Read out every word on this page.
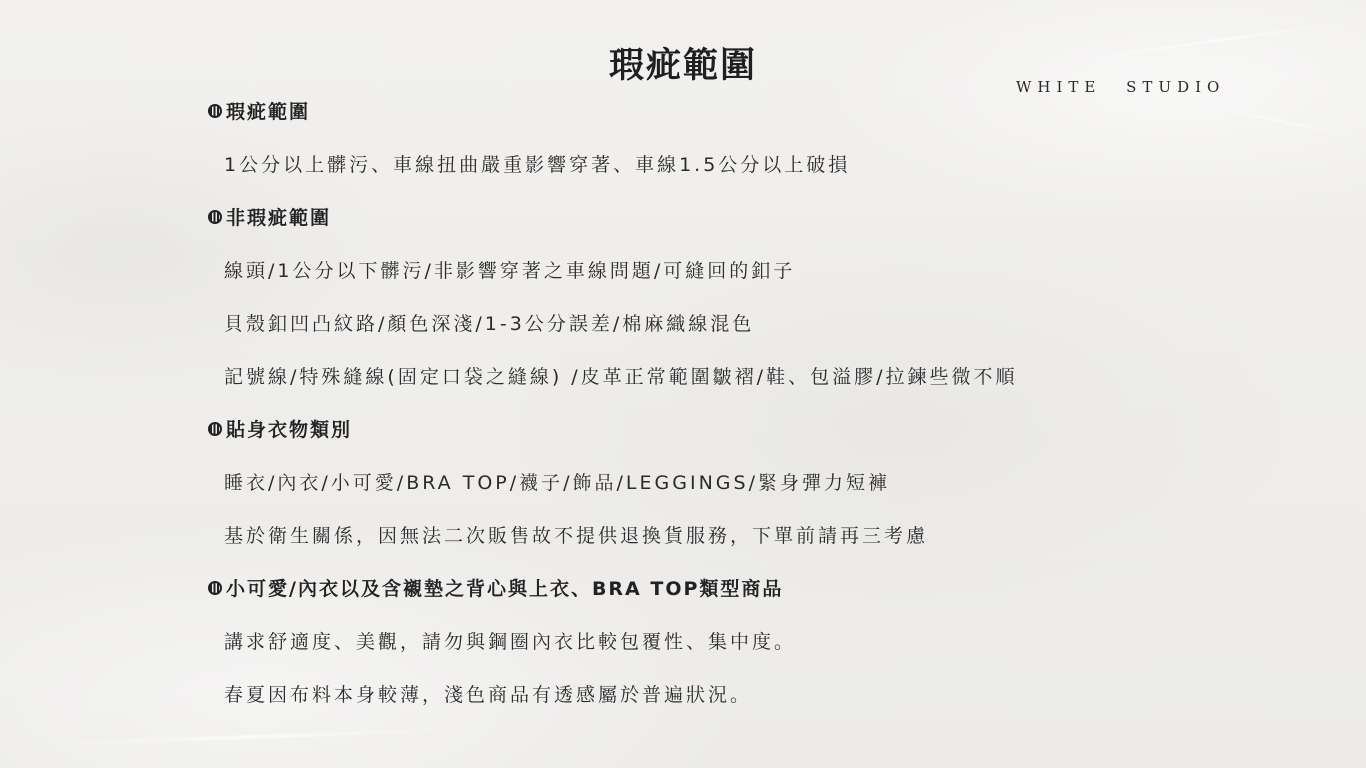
瑕疵範圍
WHITE STUDIO
瑕疵範圍
1公分以上髒污、車線扭曲嚴重影響穿著、車線1.5公分以上破損
非瑕疵範圍
線頭/1公分以下髒污/非影響穿著之車線問題/可縫回的釦子
貝殼釦凹凸紋路/顏色深淺/1-3公分誤差/棉麻織線混色
記號線/特殊縫線(固定口袋之縫線) /皮革正常範圍皺褶/鞋、包溢膠/拉鍊些微不順
貼身衣物類別
睡衣/內衣/小可愛/BRA TOP/襪子/飾品/LEGGINGS/緊身彈力短褲
基於衛生關係，因無法二次販售故不提供退換貨服務，下單前請再三考慮
小可愛/內衣以及含襯墊之背心與上衣、BRA TOP類型商品
講求舒適度、美觀，請勿與鋼圈內衣比較包覆性、集中度。
春夏因布料本身較薄，淺色商品有透感屬於普遍狀況。
